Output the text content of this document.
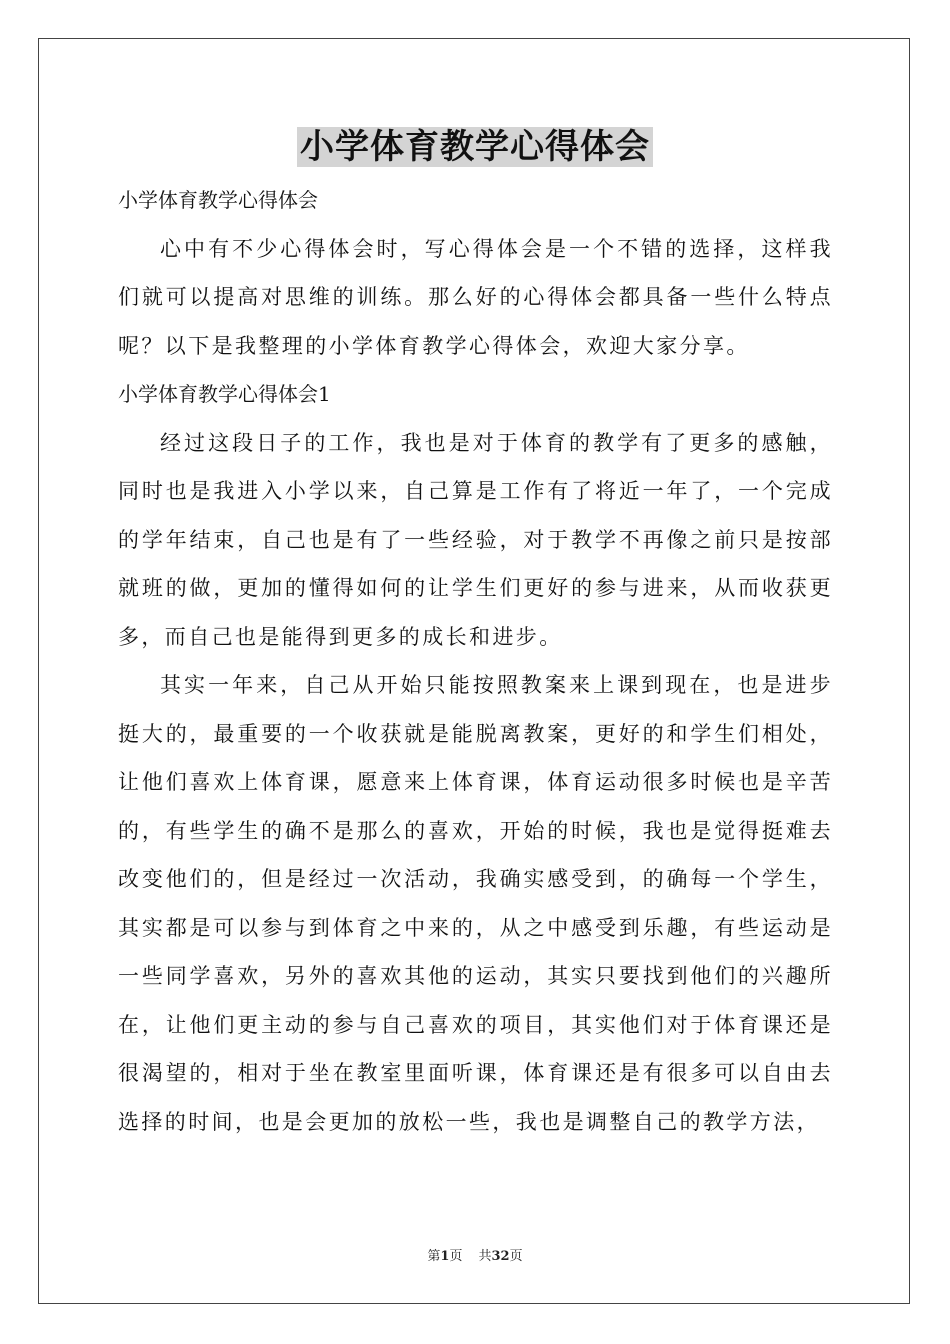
小学体育教学心得体会

小学体育教学心得体会

心中有不少心得体会时，写心得体会是一个不错的选择，这样我们就可以提高对思维的训练。那么好的心得体会都具备一些什么特点呢？以下是我整理的小学体育教学心得体会，欢迎大家分享。

小学体育教学心得体会1

经过这段日子的工作，我也是对于体育的教学有了更多的感触，同时也是我进入小学以来，自己算是工作有了将近一年了，一个完成的学年结束，自己也是有了一些经验，对于教学不再像之前只是按部就班的做，更加的懂得如何的让学生们更好的参与进来，从而收获更多，而自己也是能得到更多的成长和进步。

其实一年来，自己从开始只能按照教案来上课到现在，也是进步挺大的，最重要的一个收获就是能脱离教案，更好的和学生们相处，让他们喜欢上体育课，愿意来上体育课，体育运动很多时候也是辛苦的，有些学生的确不是那么的喜欢，开始的时候，我也是觉得挺难去改变他们的，但是经过一次活动，我确实感受到，的确每一个学生，其实都是可以参与到体育之中来的，从之中感受到乐趣，有些运动是一些同学喜欢，另外的喜欢其他的运动，其实只要找到他们的兴趣所在，让他们更主动的参与自己喜欢的项目，其实他们对于体育课还是很渴望的，相对于坐在教室里面听课，体育课还是有很多可以自由去选择的时间，也是会更加的放松一些，我也是调整自己的教学方法，

第1页 共32页
